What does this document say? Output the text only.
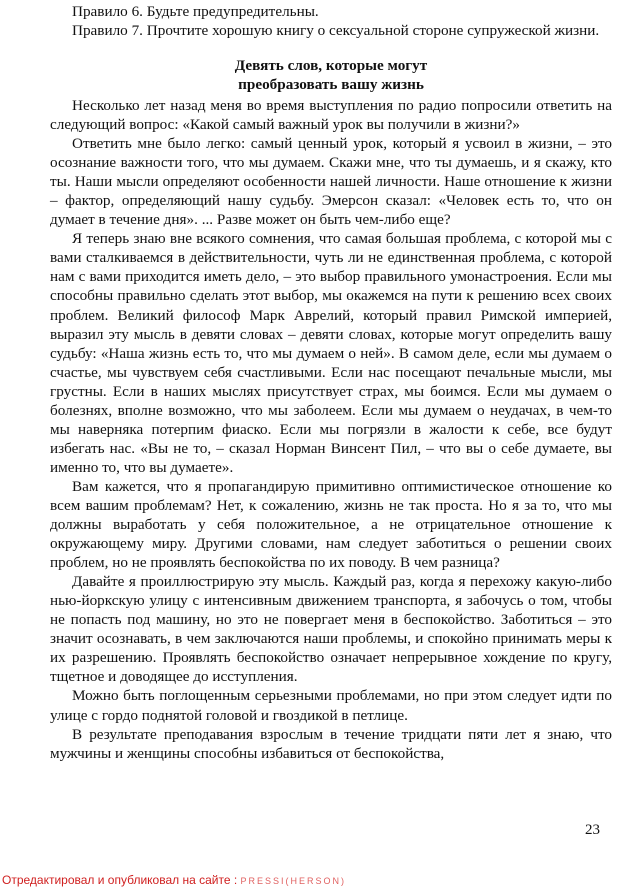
Правило 6. Будьте предупредительны.

Правило 7. Прочтите хорошую книгу о сексуальной стороне супружеской жизни.

Девять слов, которые могут
преобразовать вашу жизнь

Несколько лет назад меня во время выступления по радио попросили ответить на следующий вопрос: «Какой самый важный урок вы получили в жизни?»

Ответить мне было легко: самый ценный урок, который я усвоил в жизни, – это осознание важности того, что мы думаем. Скажи мне, что ты думаешь, и я скажу, кто ты. Наши мысли определяют особенности нашей личности. Наше отношение к жизни – фактор, определяющий нашу судьбу. Эмерсон сказал: «Человек есть то, что он думает в течение дня». ... Разве может он быть чем-либо еще?

Я теперь знаю вне всякого сомнения, что самая большая проблема, с которой мы с вами сталкиваемся в действительности, чуть ли не единственная проблема, с которой нам с вами приходится иметь дело, – это выбор правильного умонастроения. Если мы способны правильно сделать этот выбор, мы окажемся на пути к решению всех своих проблем. Великий философ Марк Аврелий, который правил Римской империей, выразил эту мысль в девяти словах – девяти словах, которые могут определить вашу судьбу: «Наша жизнь есть то, что мы думаем о ней». В самом деле, если мы думаем о счастье, мы чувствуем себя счастливыми. Если нас посещают печальные мысли, мы грустны. Если в наших мыслях присутствует страх, мы боимся. Если мы думаем о болезнях, вполне возможно, что мы заболеем. Если мы думаем о неудачах, в чем-то мы наверняка потерпим фиаско. Если мы погрязли в жалости к себе, все будут избегать нас. «Вы не то, – сказал Норман Винсент Пил, – что вы о себе думаете, вы именно то, что вы думаете».

Вам кажется, что я пропагандирую примитивно оптимистическое отношение ко всем вашим проблемам? Нет, к сожалению, жизнь не так проста. Но я за то, что мы должны выработать у себя положительное, а не отрицательное отношение к окружающему миру. Другими словами, нам следует заботиться о решении своих проблем, но не проявлять беспокойства по их поводу. В чем разница?

Давайте я проиллюстрирую эту мысль. Каждый раз, когда я перехожу какую-либо нью-йоркскую улицу с интенсивным движением транспорта, я забочусь о том, чтобы не попасть под машину, но это не повергает меня в беспокойство. Заботиться – это значит осознавать, в чем заключаются наши проблемы, и спокойно принимать меры к их разрешению. Проявлять беспокойство означает непрерывное хождение по кругу, тщетное и доводящее до исступления.

Можно быть поглощенным серьезными проблемами, но при этом следует идти по улице с гордо поднятой головой и гвоздикой в петлице.

В результате преподавания взрослым в течение тридцати пяти лет я знаю, что мужчины и женщины способны избавиться от беспокойства,

23
Отредактировал и опубликовал на сайте : PRESSI(HERSON)
